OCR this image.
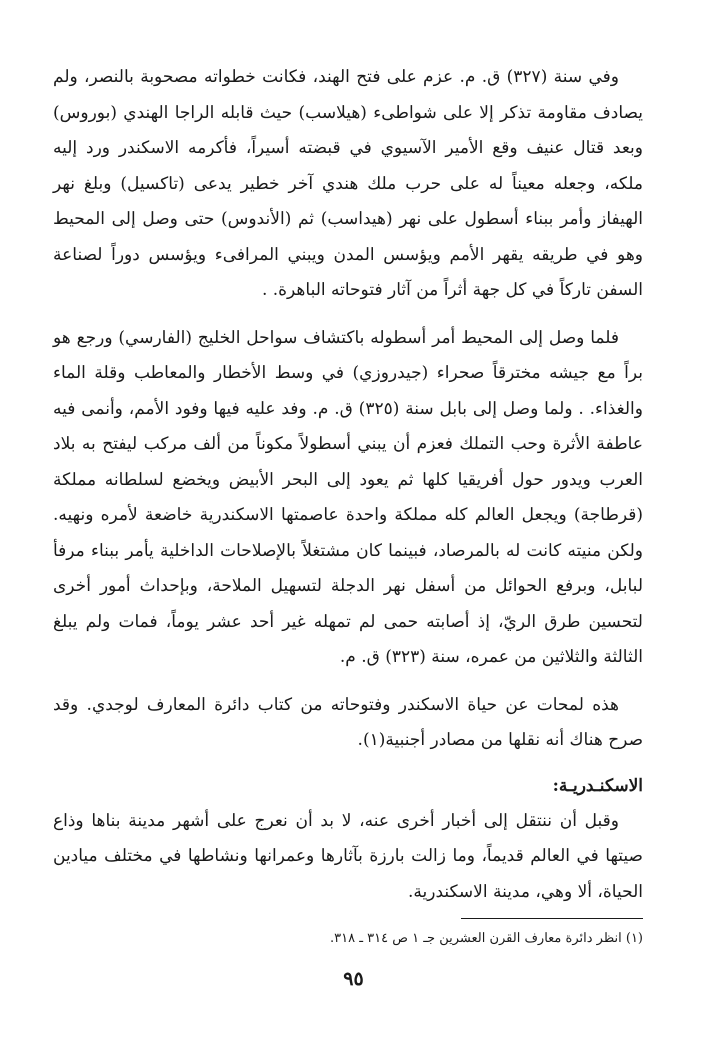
وفي سنة (٣٢٧) ق. م. عزم على فتح الهند، فكانت خطواته مصحوبة بالنصر، ولم يصادف مقاومة تذكر إلا على شواطىء (هيلاسب) حيث قابله الراجا الهندي (بوروس) وبعد قتال عنيف وقع الأمير الآسيوي في قبضته أسيراً، فأكرمه الاسكندر ورد إليه ملكه، وجعله معيناً له على حرب ملك هندي آخر خطير يدعى (تاكسيل) وبلغ نهر الهيفاز وأمر ببناء أسطول على نهر (هيداسب) ثم (الأندوس) حتى وصل إلى المحيط وهو في طريقه يقهر الأمم ويؤسس المدن ويبني المرافىء ويؤسس دوراً لصناعة السفن تاركاً في كل جهة أثراً من آثار فتوحاته الباهرة. .

فلما وصل إلى المحيط أمر أسطوله باكتشاف سواحل الخليج (الفارسي) ورجع هو براً مع جيشه مخترقاً صحراء (جيدروزي) في وسط الأخطار والمعاطب وقلة الماء والغذاء. . ولما وصل إلى بابل سنة (٣٢٥) ق. م. وفد عليه فيها وفود الأمم، وأنمى فيه عاطفة الأثرة وحب التملك فعزم أن يبني أسطولاً مكوناً من ألف مركب ليفتح به بلاد العرب ويدور حول أفريقيا كلها ثم يعود إلى البحر الأبيض ويخضع لسلطانه مملكة (قرطاجة) ويجعل العالم كله مملكة واحدة عاصمتها الاسكندرية خاضعة لأمره ونهيه. ولكن منيته كانت له بالمرصاد، فبينما كان مشتغلاً بالإصلاحات الداخلية يأمر ببناء مرفأ لبابل، وبرفع الحوائل من أسفل نهر الدجلة لتسهيل الملاحة، وبإحداث أمور أخرى لتحسين طرق الريّ، إذ أصابته حمى لم تمهله غير أحد عشر يوماً، فمات ولم يبلغ الثالثة والثلاثين من عمره، سنة (٣٢٣) ق. م.

هذه لمحات عن حياة الاسكندر وفتوحاته من كتاب دائرة المعارف لوجدي. وقد صرح هناك أنه نقلها من مصادر أجنبية(١).

الاسكنـدريـة:

وقبل أن ننتقل إلى أخبار أخرى عنه، لا بد أن نعرج على أشهر مدينة بناها وذاع صيتها في العالم قديماً، وما زالت بارزة بآثارها وعمرانها ونشاطها في مختلف ميادين الحياة، ألا وهي، مدينة الاسكندرية.

(١) انظر دائرة معارف القرن العشرين جـ ١ ص ٣١٤ ـ ٣١٨.

٩٥
